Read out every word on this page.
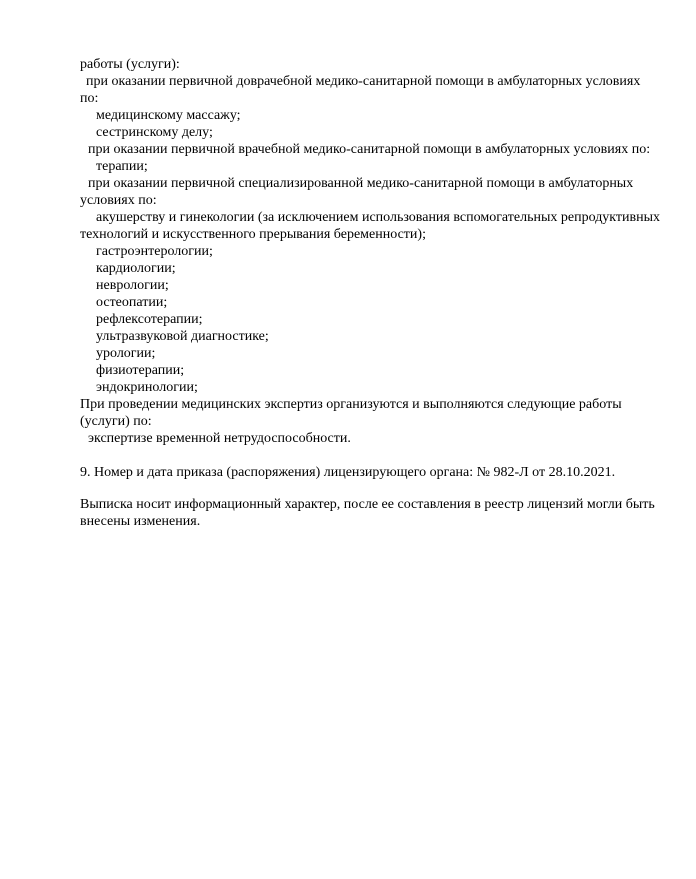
работы (услуги):

при оказании первичной доврачебной медико-санитарной помощи в амбулаторных условиях

по:

медицинскому массажу;

сестринскому делу;

при оказании первичной врачебной медико-санитарной помощи в амбулаторных условиях по:

терапии;

при оказании первичной специализированной медико-санитарной помощи в амбулаторных

условиях по:

акушерству и гинекологии (за исключением использования вспомогательных репродуктивных

технологий и искусственного прерывания беременности);

гастроэнтерологии;

кардиологии;

неврологии;

остеопатии;

рефлексотерапии;

ультразвуковой диагностике;

урологии;

физиотерапии;

эндокринологии;

При проведении медицинских экспертиз организуются и выполняются следующие работы

(услуги) по:

экспертизе временной нетрудоспособности.

9. Номер и дата приказа (распоряжения) лицензирующего органа: № 982-Л от 28.10.2021.

Выписка носит информационный характер, после ее составления в реестр лицензий могли быть

внесены изменения.
